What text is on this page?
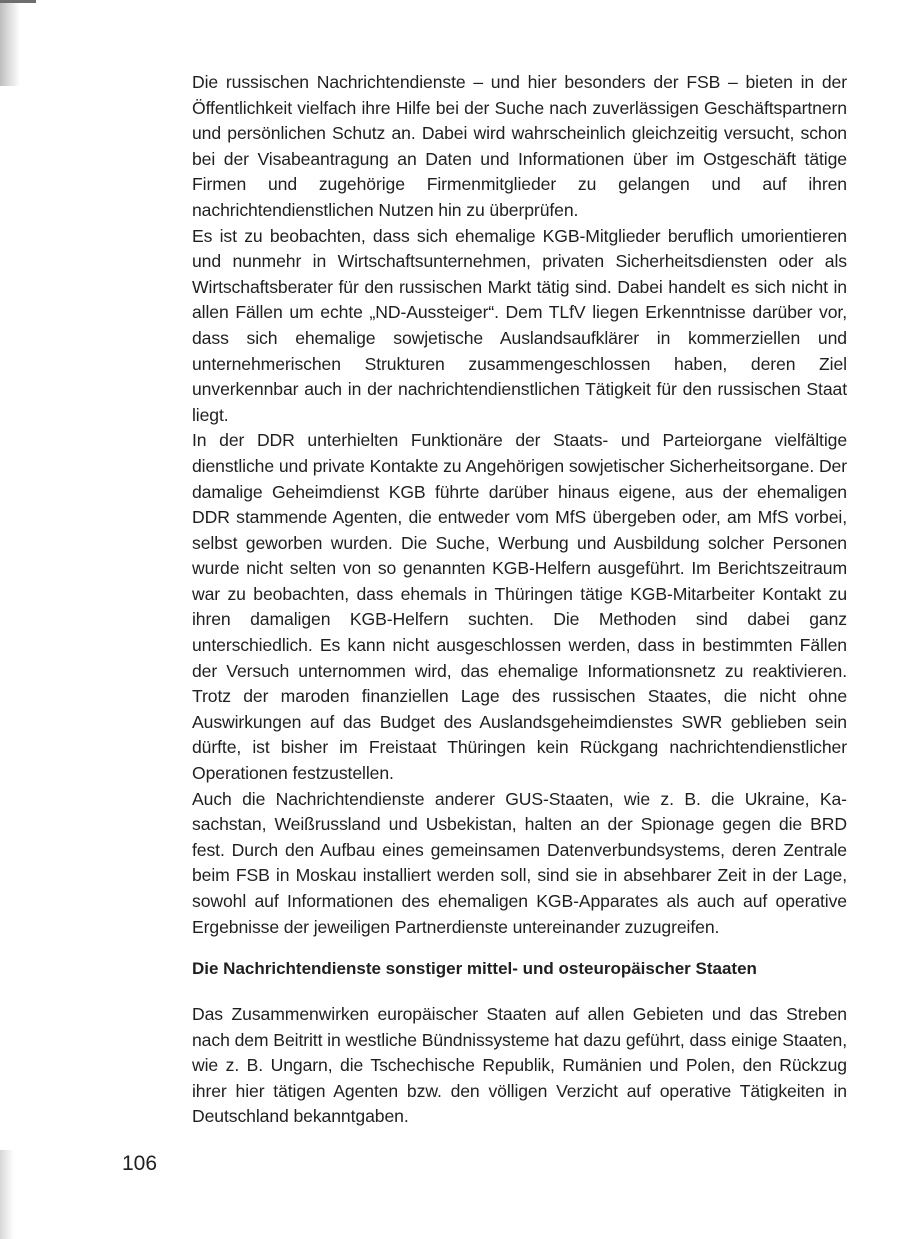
Die russischen Nachrichtendienste – und hier besonders der FSB – bieten in der Öffentlichkeit vielfach ihre Hilfe bei der Suche nach zuverlässigen Geschäftspartnern und persönlichen Schutz an. Dabei wird wahrscheinlich gleichzeitig versucht, schon bei der Visabeantragung an Daten und Informationen über im Ostgeschäft tätige Firmen und zugehörige Firmenmitglieder zu gelangen und auf ihren nachrichtendienstlichen Nutzen hin zu überprüfen.

Es ist zu beobachten, dass sich ehemalige KGB-Mitglieder beruflich umorientieren und nunmehr in Wirtschaftsunternehmen, privaten Sicherheitsdiensten oder als Wirtschaftsberater für den russischen Markt tätig sind. Dabei handelt es sich nicht in allen Fällen um echte „ND-Aussteiger“. Dem TLfV liegen Erkenntnisse darüber vor, dass sich ehemalige sowjetische Auslandsaufklärer in kommerziellen und unternehmerischen Strukturen zusammengeschlossen haben, deren Ziel unverkennbar auch in der nachrichtendienstlichen Tätigkeit für den russischen Staat liegt.

In der DDR unterhielten Funktionäre der Staats- und Parteiorgane vielfältige dienstliche und private Kontakte zu Angehörigen sowjetischer Sicherheitsorgane. Der damalige Geheimdienst KGB führte darüber hinaus eigene, aus der ehemaligen DDR stammende Agenten, die entweder vom MfS übergeben oder, am MfS vorbei, selbst geworben wurden. Die Suche, Werbung und Ausbildung solcher Personen wurde nicht selten von so genannten KGB-Helfern ausgeführt. Im Berichtszeitraum war zu beobachten, dass ehemals in Thüringen tätige KGB-Mitarbeiter Kontakt zu ihren damaligen KGB-Helfern suchten. Die Methoden sind dabei ganz unterschiedlich. Es kann nicht ausgeschlossen werden, dass in bestimmten Fällen der Versuch unternommen wird, das ehemalige Informationsnetz zu reaktivieren. Trotz der maroden finanziellen Lage des russischen Staates, die nicht ohne Auswirkungen auf das Budget des Auslandsgeheimdienstes SWR geblieben sein dürfte, ist bisher im Freistaat Thüringen kein Rückgang nachrichtendienstlicher Operationen festzustellen.

Auch die Nachrichtendienste anderer GUS-Staaten, wie z. B. die Ukraine, Kasachstan, Weißrussland und Usbekistan, halten an der Spionage gegen die BRD fest. Durch den Aufbau eines gemeinsamen Datenverbundsystems, deren Zentrale beim FSB in Moskau installiert werden soll, sind sie in absehbarer Zeit in der Lage, sowohl auf Informationen des ehemaligen KGB-Apparates als auch auf operative Ergebnisse der jeweiligen Partnerdienste untereinander zuzugreifen.

Die Nachrichtendienste sonstiger mittel- und osteuropäischer Staaten

Das Zusammenwirken europäischer Staaten auf allen Gebieten und das Streben nach dem Beitritt in westliche Bündnissysteme hat dazu geführt, dass einige Staaten, wie z. B. Ungarn, die Tschechische Republik, Rumänien und Polen, den Rückzug ihrer hier tätigen Agenten bzw. den völligen Verzicht auf operative Tätigkeiten in Deutschland bekanntgaben.

106
